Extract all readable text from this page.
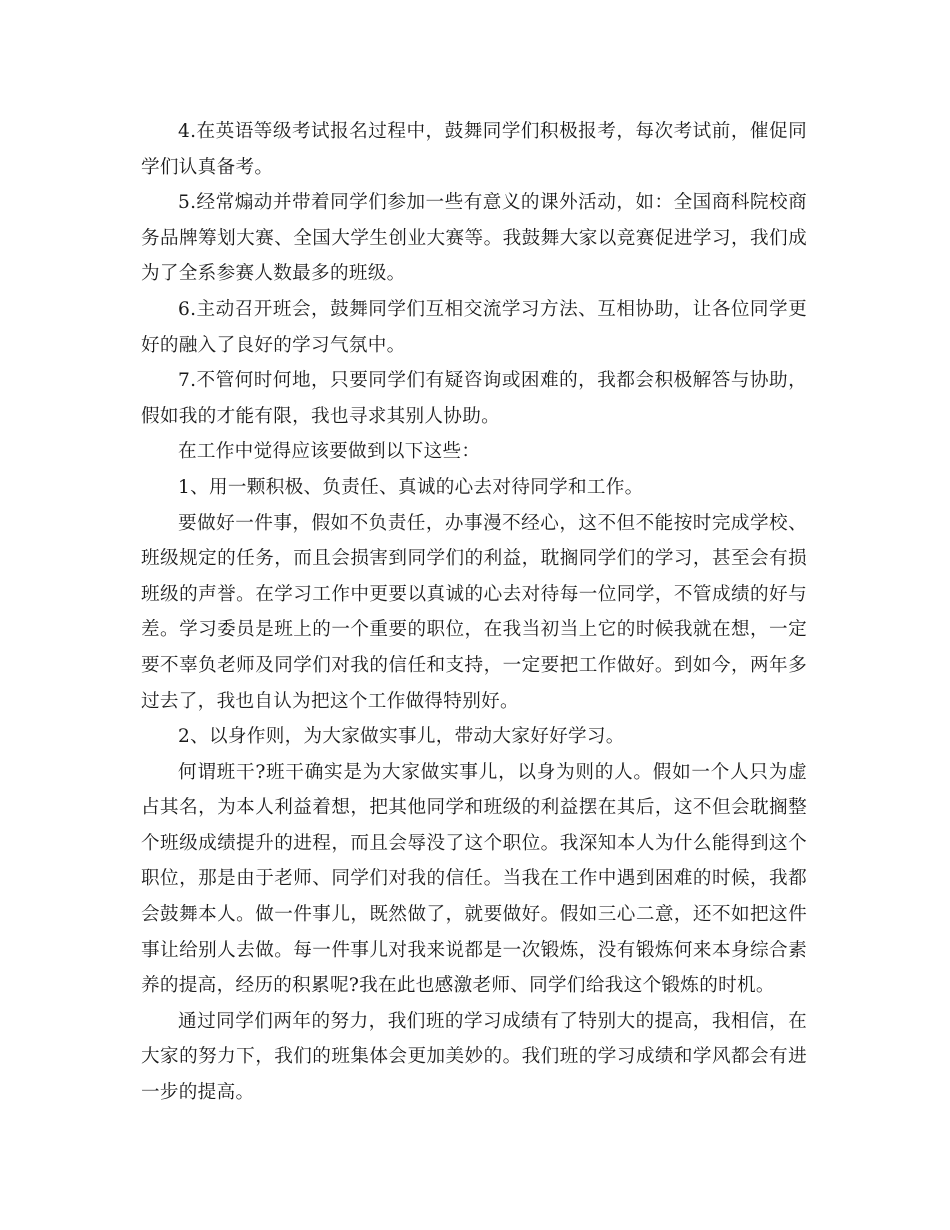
4.在英语等级考试报名过程中，鼓舞同学们积极报考，每次考试前，催促同学们认真备考。

5.经常煽动并带着同学们参加一些有意义的课外活动，如：全国商科院校商务品牌筹划大赛、全国大学生创业大赛等。我鼓舞大家以竞赛促进学习，我们成为了全系参赛人数最多的班级。

6.主动召开班会，鼓舞同学们互相交流学习方法、互相协助，让各位同学更好的融入了良好的学习气氛中。

7.不管何时何地，只要同学们有疑咨询或困难的，我都会积极解答与协助，假如我的才能有限，我也寻求其别人协助。

在工作中觉得应该要做到以下这些：

1、用一颗积极、负责任、真诚的心去对待同学和工作。

要做好一件事，假如不负责任，办事漫不经心，这不但不能按时完成学校、班级规定的任务，而且会损害到同学们的利益，耽搁同学们的学习，甚至会有损班级的声誉。在学习工作中更要以真诚的心去对待每一位同学，不管成绩的好与差。学习委员是班上的一个重要的职位，在我当初当上它的时候我就在想，一定要不辜负老师及同学们对我的信任和支持，一定要把工作做好。到如今，两年多过去了，我也自认为把这个工作做得特别好。

2、以身作则，为大家做实事儿，带动大家好好学习。

何谓班干?班干确实是为大家做实事儿，以身为则的人。假如一个人只为虚占其名，为本人利益着想，把其他同学和班级的利益摆在其后，这不但会耽搁整个班级成绩提升的进程，而且会辱没了这个职位。我深知本人为什么能得到这个职位，那是由于老师、同学们对我的信任。当我在工作中遇到困难的时候，我都会鼓舞本人。做一件事儿，既然做了，就要做好。假如三心二意，还不如把这件事让给别人去做。每一件事儿对我来说都是一次锻炼，没有锻炼何来本身综合素养的提高，经历的积累呢?我在此也感激老师、同学们给我这个锻炼的时机。

通过同学们两年的努力，我们班的学习成绩有了特别大的提高，我相信，在大家的努力下，我们的班集体会更加美妙的。我们班的学习成绩和学风都会有进一步的提高。
